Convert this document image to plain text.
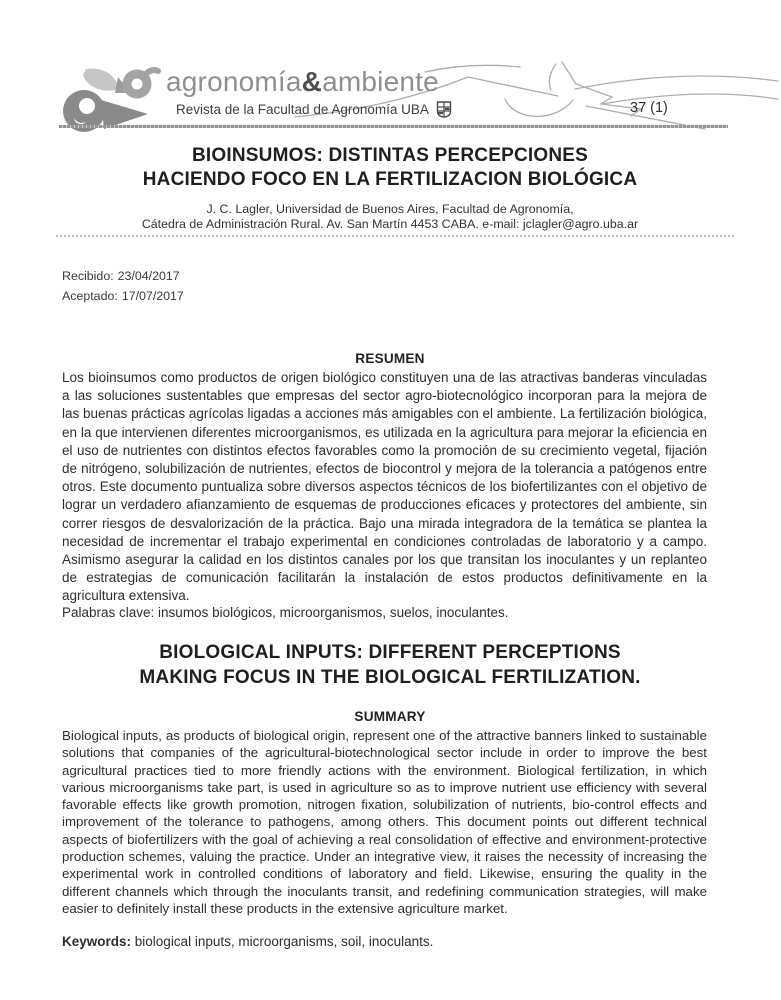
agronomía&ambiente
Revista de la Facultad de Agronomía UBA	37 (1)
BIOINSUMOS: DISTINTAS PERCEPCIONES
HACIENDO FOCO EN LA FERTILIZACION BIOLÓGICA
J. C. Lagler, Universidad de Buenos Aires, Facultad de Agronomía,
Cátedra de Administración Rural. Av. San Martín 4453 CABA. e-mail: jclagler@agro.uba.ar
Recibido: 23/04/2017
Aceptado: 17/07/2017
RESUMEN

Los bioinsumos como productos de origen biológico constituyen una de las atractivas banderas vinculadas a las soluciones sustentables que empresas del sector agro-biotecnológico incorporan para la mejora de las buenas prácticas agrícolas ligadas a acciones más amigables con el ambiente. La fertilización biológica, en la que intervienen diferentes microorganismos, es utilizada en la agricultura para mejorar la eficiencia en el uso de nutrientes con distintos efectos favorables como la promoción de su crecimiento vegetal, fijación de nitrógeno, solubilización de nutrientes, efectos de biocontrol y mejora de la tolerancia a patógenos entre otros. Este documento puntualiza sobre diversos aspectos técnicos de los biofertilizantes con el objetivo de lograr un verdadero afianzamiento de esquemas de producciones eficaces y protectores del ambiente, sin correr riesgos de desvalorización de la práctica. Bajo una mirada integradora de la temática se plantea la necesidad de incrementar el trabajo experimental en condiciones controladas de laboratorio y a campo. Asimismo asegurar la calidad en los distintos canales por los que transitan los inoculantes y un replanteo de estrategias de comunicación facilitarán la instalación de estos productos definitivamente en la agricultura extensiva.

Palabras clave: insumos biológicos, microorganismos, suelos, inoculantes.

BIOLOGICAL INPUTS: DIFFERENT PERCEPTIONS
MAKING FOCUS IN THE BIOLOGICAL FERTILIZATION.
SUMMARY

Biological inputs, as products of biological origin, represent one of the attractive banners linked to sustainable solutions that companies of the agricultural-biotechnological sector include in order to improve the best agricultural practices tied to more friendly actions with the environment. Biological fertilization, in which various microorganisms take part, is used in agriculture so as to improve nutrient use efficiency with several favorable effects like growth promotion, nitrogen fixation, solubilization of nutrients, bio-control effects and improvement of the tolerance to pathogens, among others. This document points out different technical aspects of biofertilizers with the goal of achieving a real consolidation of effective and environment-protective production schemes, valuing the practice. Under an integrative view, it raises the necessity of increasing the experimental work in controlled conditions of laboratory and field. Likewise, ensuring the quality in the different channels which through the inoculants transit, and redefining communication strategies, will make easier to definitely install these products in the extensive agriculture market.

Keywords: biological inputs, microorganisms, soil, inoculants.
